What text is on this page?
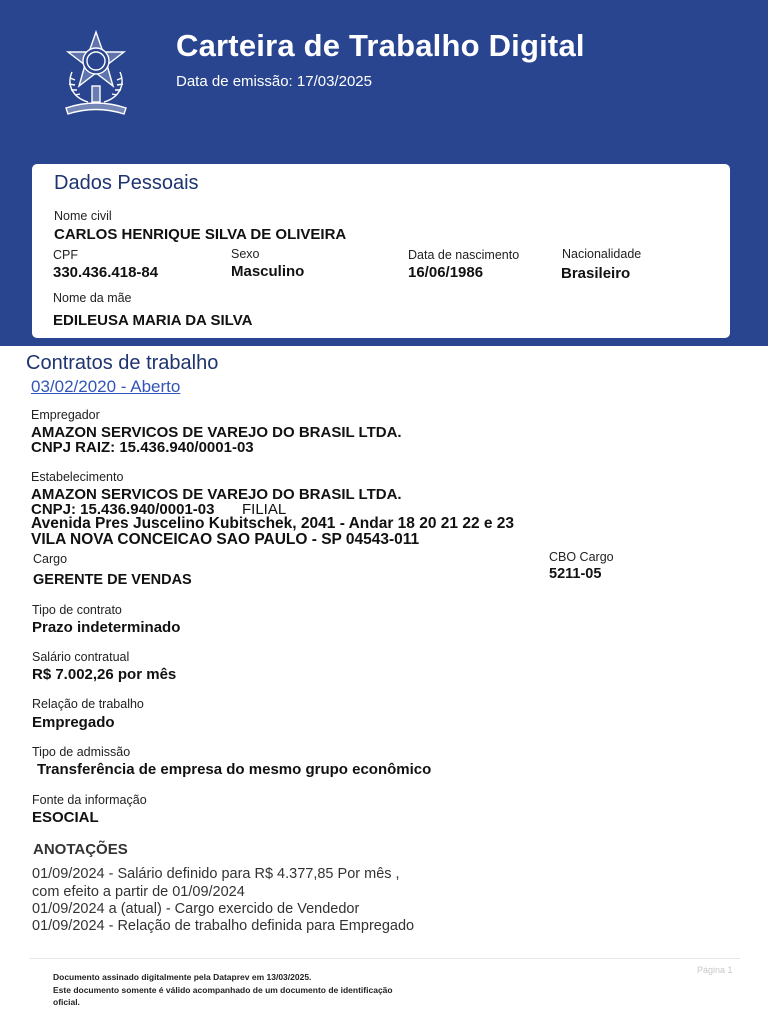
Carteira de Trabalho Digital
Data de emissão: 17/03/2025
Dados Pessoais
Nome civil
CARLOS HENRIQUE SILVA DE OLIVEIRA
CPF
330.436.418-84
Sexo
Masculino
Data de nascimento
16/06/1986
Nacionalidade
Brasileiro
Nome da mãe
EDILEUSA MARIA DA SILVA
Contratos de trabalho
03/02/2020 - Aberto
Empregador
AMAZON SERVICOS DE VAREJO DO BRASIL LTDA.
CNPJ RAIZ: 15.436.940/0001-03
Estabelecimento
AMAZON SERVICOS DE VAREJO DO BRASIL LTDA.
CNPJ: 15.436.940/0001-03 FILIAL
Avenida Pres Juscelino Kubitschek, 2041 - Andar 18 20 21 22 e 23
VILA NOVA CONCEICAO SAO PAULO - SP 04543-011
Cargo
GERENTE DE VENDAS
CBO Cargo
5211-05
Tipo de contrato
Prazo indeterminado
Salário contratual
R$ 7.002,26 por mês
Relação de trabalho
Empregado
Tipo de admissão
Transferência de empresa do mesmo grupo econômico
Fonte da informação
ESOCIAL
ANOTAÇÕES
01/09/2024 - Salário definido para R$ 4.377,85 Por mês ,
com efeito a partir de 01/09/2024
01/09/2024 a (atual) - Cargo exercido de Vendedor
01/09/2024 - Relação de trabalho definida para Empregado
Documento assinado digitalmente pela Dataprev em 13/03/2025.
Este documento somente é válido acompanhado de um documento de identificação
oficial.
Página 1
